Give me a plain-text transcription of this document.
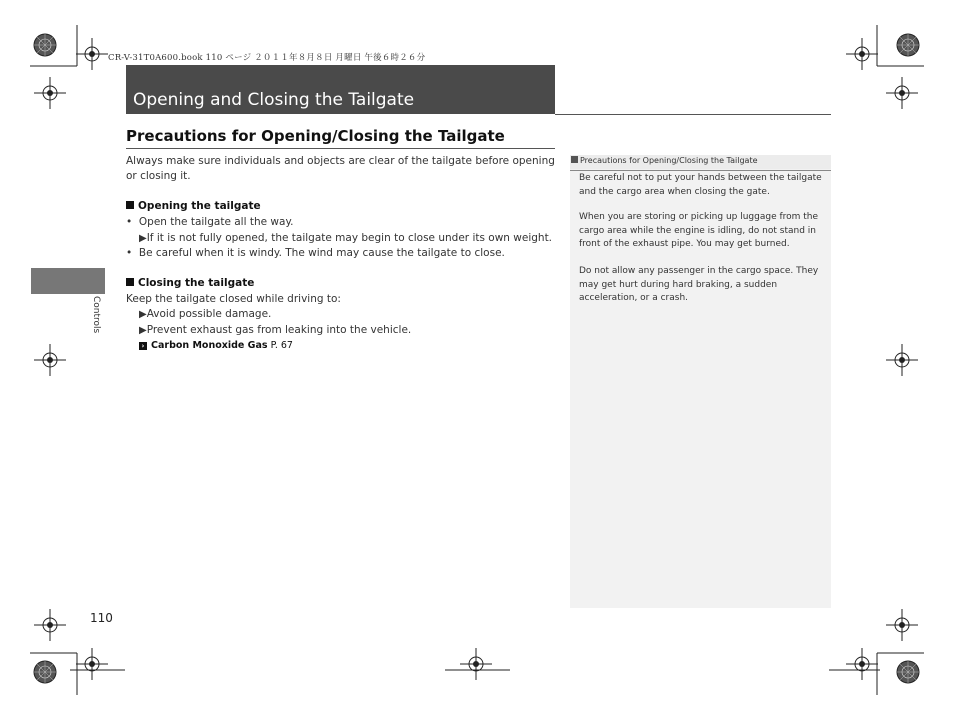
CR-V-31T0A600.book 110 ページ ２０１１年８月８日 月曜日 午後６時２６分
Opening and Closing the Tailgate
Precautions for Opening/Closing the Tailgate
Always make sure individuals and objects are clear of the tailgate before opening or closing it.
Opening the tailgate
• Open the tailgate all the way.
▶If it is not fully opened, the tailgate may begin to close under its own weight.
• Be careful when it is windy. The wind may cause the tailgate to close.
Closing the tailgate
Keep the tailgate closed while driving to:
▶Avoid possible damage.
▶Prevent exhaust gas from leaking into the vehicle.
› Carbon Monoxide Gas P. 67
Controls
110
Precautions for Opening/Closing the Tailgate
Be careful not to put your hands between the tailgate and the cargo area when closing the gate.
When you are storing or picking up luggage from the cargo area while the engine is idling, do not stand in front of the exhaust pipe. You may get burned.
Do not allow any passenger in the cargo space. They may get hurt during hard braking, a sudden acceleration, or a crash.
